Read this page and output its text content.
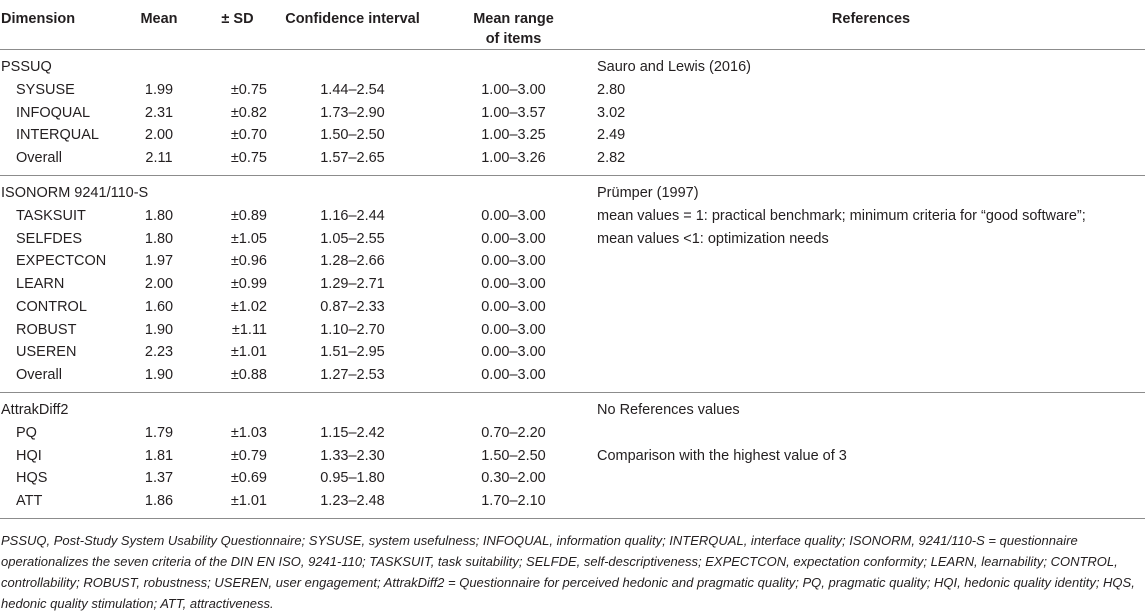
Dimension	Mean	± SD	Confidence interval	Mean range
of items	References
PSSUQ					Sauro and Lewis (2016)
SYSUSE	1.99	±0.75	1.44–2.54	1.00–3.00	2.80
INFOQUAL	2.31	±0.82	1.73–2.90	1.00–3.57	3.02
INTERQUAL	2.00	±0.70	1.50–2.50	1.00–3.25	2.49
Overall	2.11	±0.75	1.57–2.65	1.00–3.26	2.82
ISONORM 9241/110-S					Prümper (1997)
TASKSUIT	1.80	±0.89	1.16–2.44	0.00–3.00	mean values = 1: practical benchmark; minimum criteria for “good software”;
SELFDES	1.80	±1.05	1.05–2.55	0.00–3.00	mean values <1: optimization needs
EXPECTCON	1.97	±0.96	1.28–2.66	0.00–3.00	
LEARN	2.00	±0.99	1.29–2.71	0.00–3.00	
CONTROL	1.60	±1.02	0.87–2.33	0.00–3.00	
ROBUST	1.90	±1.11	1.10–2.70	0.00–3.00	
USEREN	2.23	±1.01	1.51–2.95	0.00–3.00	
Overall	1.90	±0.88	1.27–2.53	0.00–3.00	
AttrakDiff2					No References values
PQ	1.79	±1.03	1.15–2.42	0.70–2.20	
HQI	1.81	±0.79	1.33–2.30	1.50–2.50	Comparison with the highest value of 3
HQS	1.37	±0.69	0.95–1.80	0.30–2.00	
ATT	1.86	±1.01	1.23–2.48	1.70–2.10	
PSSUQ, Post-Study System Usability Questionnaire; SYSUSE, system usefulness; INFOQUAL, information quality; INTERQUAL, interface quality; ISONORM, 9241/110-S = questionnaire operationalizes the seven criteria of the DIN EN ISO, 9241-110; TASKSUIT, task suitability; SELFDE, self-descriptiveness; EXPECTCON, expectation conformity; LEARN, learnability; CONTROL, controllability; ROBUST, robustness; USEREN, user engagement; AttrakDiff2 = Questionnaire for perceived hedonic and pragmatic quality; PQ, pragmatic quality; HQI, hedonic quality identity; HQS, hedonic quality stimulation; ATT, attractiveness.
